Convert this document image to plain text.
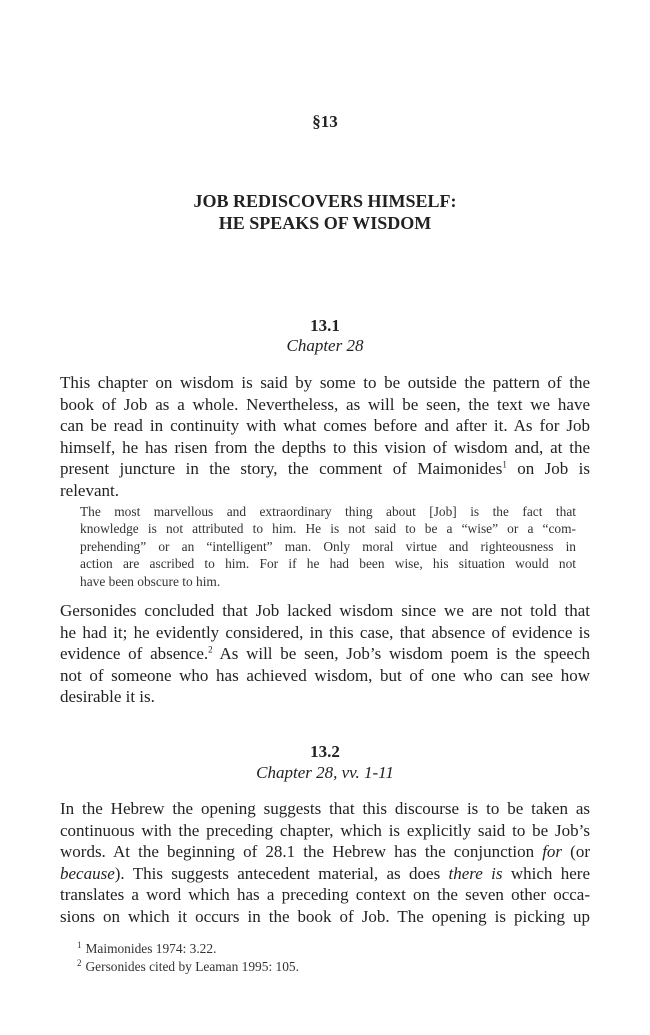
§13
JOB REDISCOVERS HIMSELF:
HE SPEAKS OF WISDOM
13.1
Chapter 28
This chapter on wisdom is said by some to be outside the pattern of the
book of Job as a whole. Nevertheless, as will be seen, the text we have
can be read in continuity with what comes before and after it. As for Job
himself, he has risen from the depths to this vision of wisdom and, at the
present juncture in the story, the comment of Maimonides$^1$ on Job is
relevant.
The most marvellous and extraordinary thing about [Job] is the fact that
knowledge is not attributed to him. He is not said to be a “wise” or a “com-
prehending” or an “intelligent” man. Only moral virtue and righteousness in
action are ascribed to him. For if he had been wise, his situation would not
have been obscure to him.
Gersonides concluded that Job lacked wisdom since we are not told that
he had it; he evidently considered, in this case, that absence of evidence is
evidence of absence.$^2$ As will be seen, Job’s wisdom poem is the speech
not of someone who has achieved wisdom, but of one who can see how
desirable it is.
13.2
Chapter 28, vv. 1-11
In the Hebrew the opening suggests that this discourse is to be taken as
continuous with the preceding chapter, which is explicitly said to be Job’s
words. At the beginning of 28.1 the Hebrew has the conjunction for (or
because). This suggests antecedent material, as does there is which here
translates a word which has a preceding context on the seven other occa-
sions on which it occurs in the book of Job. The opening is picking up
$^1$ Maimonides 1974: 3.22.
$^2$ Gersonides cited by Leaman 1995: 105.
